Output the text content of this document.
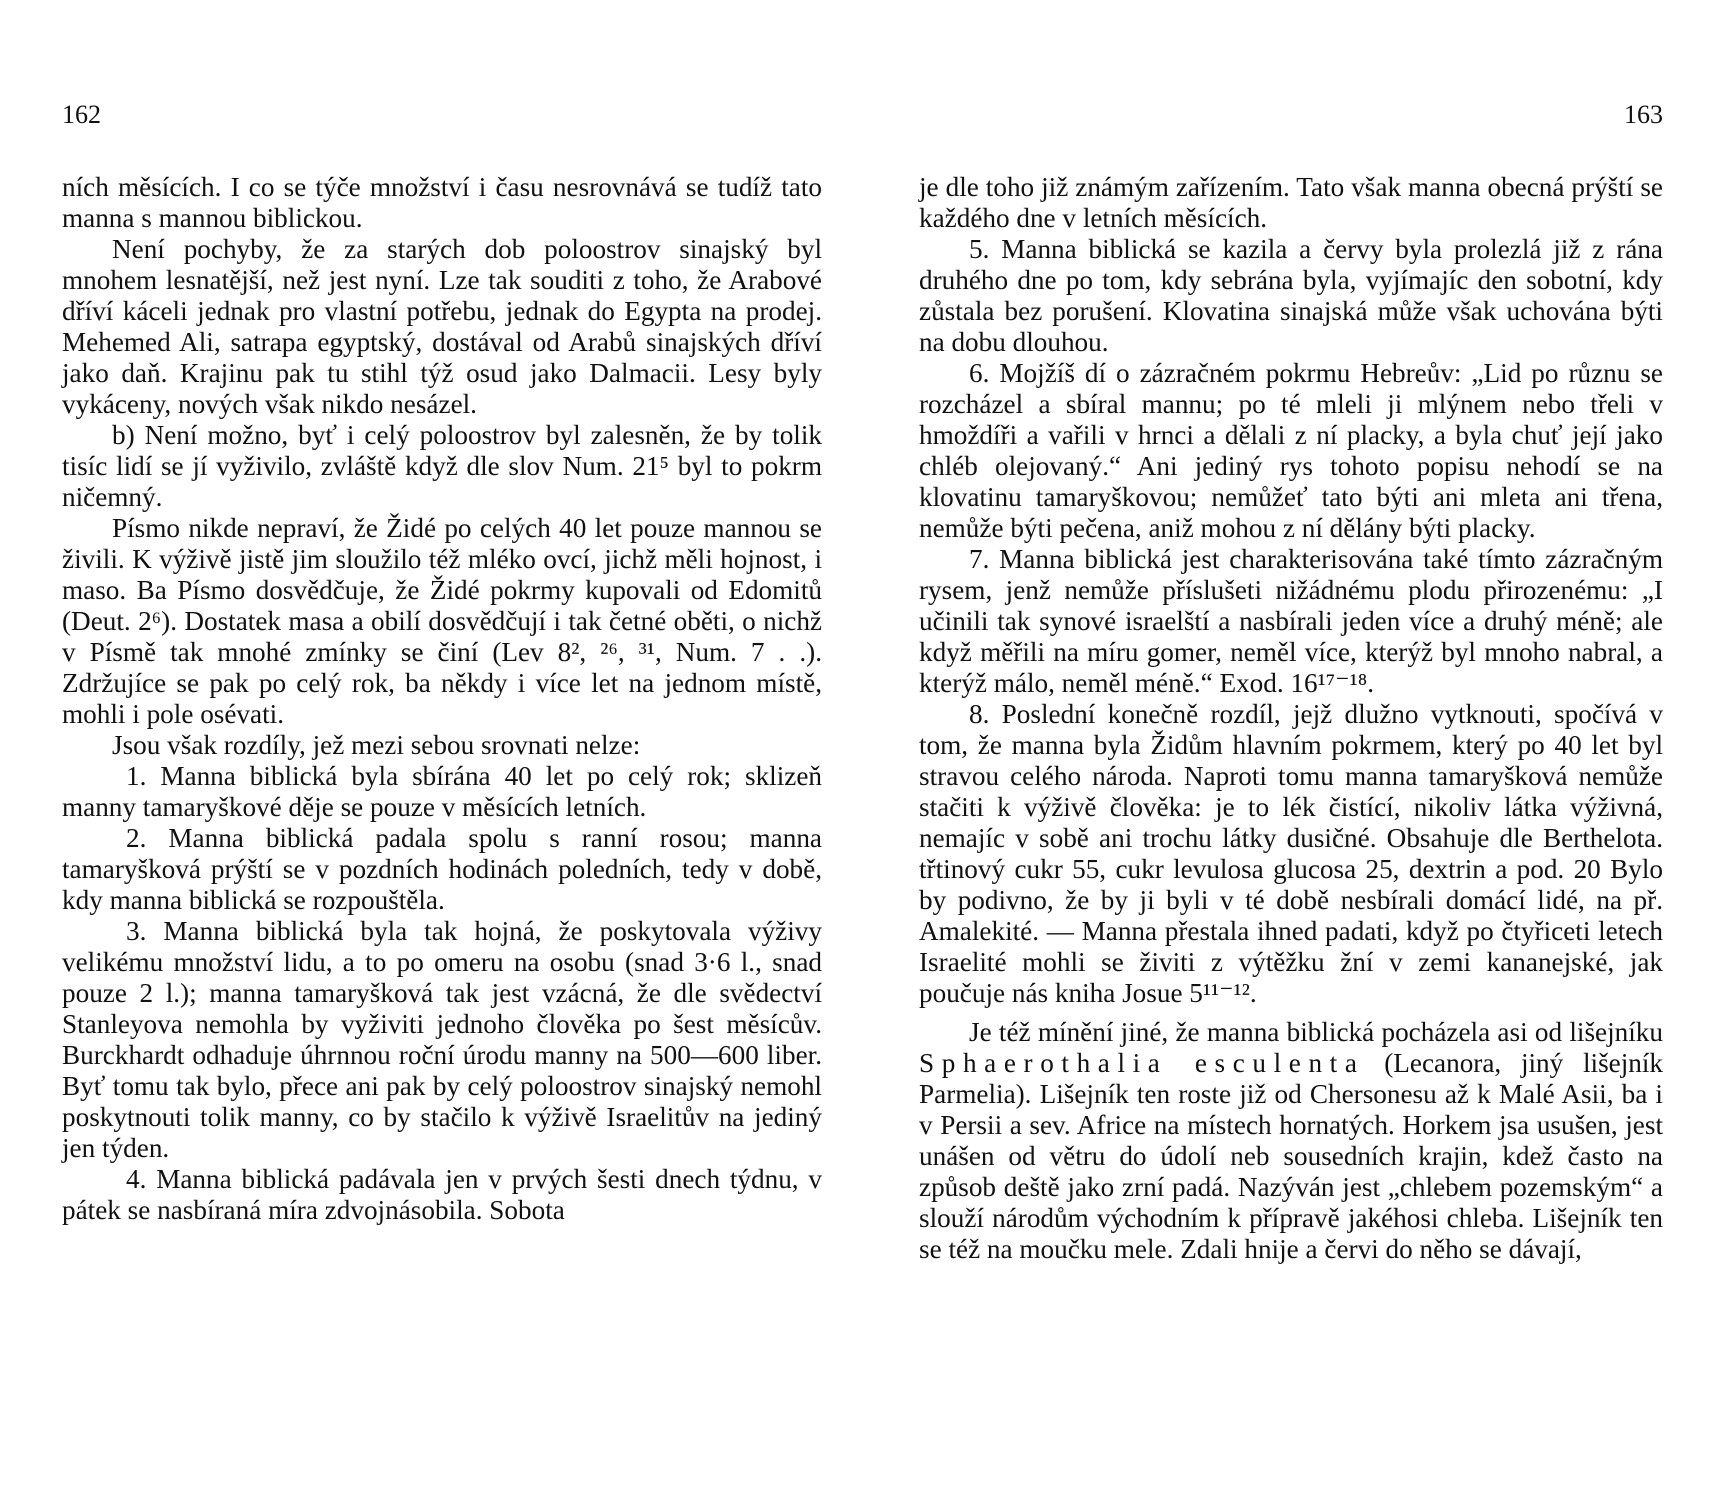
162

ních měsících. I co se týče množství i času nesrovnává se tudíž tato manna s mannou biblickou.

Není pochyby, že za starých dob poloostrov sinajský byl mnohem lesnatější, než jest nyní. Lze tak souditi z toho, že Arabové dříví káceli jednak pro vlastní potřebu, jednak do Egypta na prodej. Mehemed Ali, satrapa egyptský, dostával od Arabů sinajských dříví jako daň. Krajinu pak tu stihl týž osud jako Dalmacii. Lesy byly vykáceny, nových však nikdo nesázel.

b) Není možno, byť i celý poloostrov byl zalesněn, že by tolik tisíc lidí se jí vyživilo, zvláště když dle slov Num. 21⁵ byl to pokrm ničemný.

Písmo nikde nepraví, že Židé po celých 40 let pouze mannou se živili. K výživě jistě jim sloužilo též mléko ovcí, jichž měli hojnost, i maso. Ba Písmo dosvědčuje, že Židé pokrmy kupovali od Edomitů (Deut. 2⁶). Dostatek masa a obilí dosvědčují i tak četné oběti, o nichž v Písmě tak mnohé zmínky se činí (Lev 8², ²⁶, ³¹, Num. 7 . .). Zdržujíce se pak po celý rok, ba někdy i více let na jednom místě, mohli i pole osévati.

Jsou však rozdíly, jež mezi sebou srovnati nelze:

1. Manna biblická byla sbírána 40 let po celý rok; sklizeň manny tamaryškové děje se pouze v měsících letních.

2. Manna biblická padala spolu s ranní rosou; manna tamaryšková prýští se v pozdních hodinách poledních, tedy v době, kdy manna biblická se rozpouštěla.

3. Manna biblická byla tak hojná, že poskytovala výživy velikému množství lidu, a to po omeru na osobu (snad 3·6 l., snad pouze 2 l.); manna tamaryšková tak jest vzácná, že dle svědectví Stanleyova nemohla by vyživiti jednoho člověka po šest měsícův. Burckhardt odhaduje úhrnnou roční úrodu manny na 500—600 liber. Byť tomu tak bylo, přece ani pak by celý poloostrov sinajský nemohl poskytnouti tolik manny, co by stačilo k výživě Israelitův na jediný jen týden.

4. Manna biblická padávala jen v prvých šesti dnech týdnu, v pátek se nasbíraná míra zdvojnásobila. Sobota

163

je dle toho již známým zařízením. Tato však manna obecná prýští se každého dne v letních měsících.

5. Manna biblická se kazila a červy byla prolezlá již z rána druhého dne po tom, kdy sebrána byla, vyjímajíc den sobotní, kdy zůstala bez porušení. Klovatina sinajská může však uchována býti na dobu dlouhou.

6. Mojžíš dí o zázračném pokrmu Hebreův: „Lid po různu se rozcházel a sbíral mannu; po té mleli ji mlýnem nebo třeli v hmoždíři a vařili v hrnci a dělali z ní placky, a byla chuť její jako chléb olejovaný.“ Ani jediný rys tohoto popisu nehodí se na klovatinu tamaryškovou; nemůžeť tato býti ani mleta ani třena, nemůže býti pečena, aniž mohou z ní dělány býti placky.

7. Manna biblická jest charakterisována také tímto zázračným rysem, jenž nemůže příslušeti nižádnému plodu přirozenému: „I učinili tak synové israelští a nasbírali jeden více a druhý méně; ale když měřili na míru gomer, neměl více, kterýž byl mnoho nabral, a kterýž málo, neměl méně.“ Exod. 16¹⁷⁻¹⁸.

8. Poslední konečně rozdíl, jejž dlužno vytknouti, spočívá v tom, že manna byla Židům hlavním pokrmem, který po 40 let byl stravou celého národa. Naproti tomu manna tamaryšková nemůže stačiti k výživě člověka: je to lék čistící, nikoliv látka výživná, nemajíc v sobě ani trochu látky dusičné. Obsahuje dle Berthelota. třtinový cukr 55, cukr levulosa glucosa 25, dextrin a pod. 20 Bylo by podivno, že by ji byli v té době nesbírali domácí lidé, na př. Amalekité. — Manna přestala ihned padati, když po čtyřiceti letech Israelité mohli se živiti z výtěžku žní v zemi kananejské, jak poučuje nás kniha Josue 5¹¹⁻¹².

Je též mínění jiné, že manna biblická pocházela asi od lišejníku Sphaerothalia esculenta (Lecanora, jiný lišejník Parmelia). Lišejník ten roste již od Chersonesu až k Malé Asii, ba i v Persii a sev. Africe na místech hornatých. Horkem jsa usušen, jest unášen od větru do údolí neb sousedních krajin, kdež často na způsob deště jako zrní padá. Nazýván jest „chlebem pozemským“ a slouží národům východním k přípravě jakéhosi chleba. Lišejník ten se též na moučku mele. Zdali hnije a červi do něho se dávají,
